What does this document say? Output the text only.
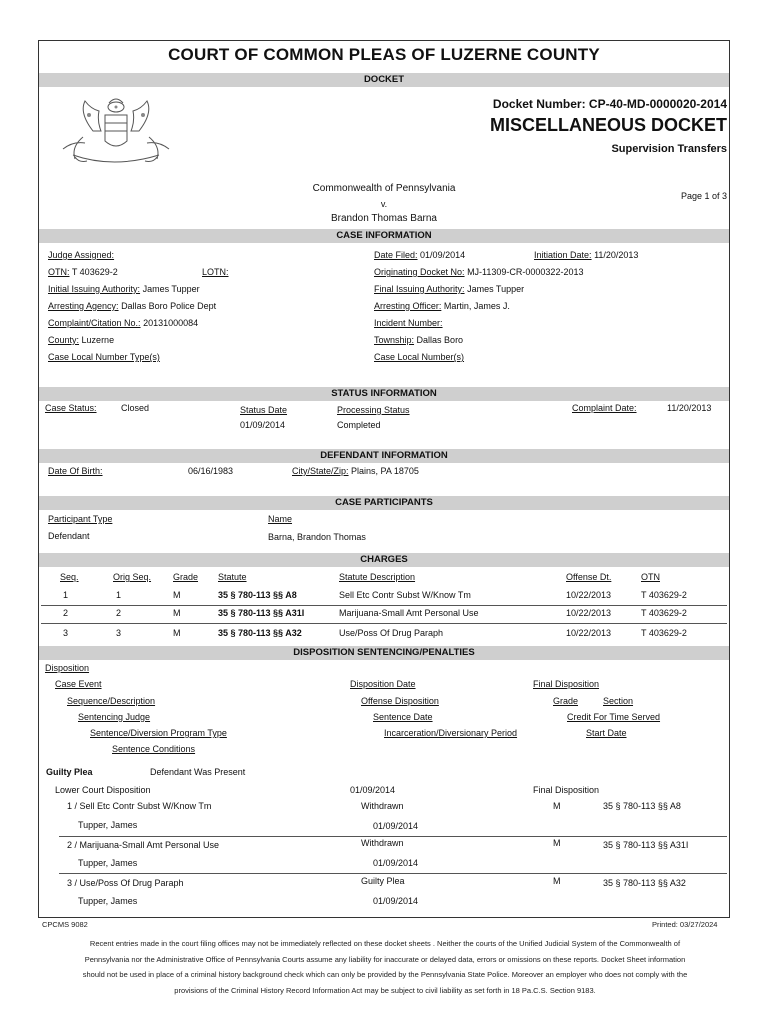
COURT OF COMMON PLEAS OF LUZERNE COUNTY
DOCKET
Docket Number: CP-40-MD-0000020-2014
MISCELLANEOUS DOCKET
Supervision Transfers
Commonwealth of Pennsylvania
v.
Brandon Thomas Barna
Page 1 of 3
CASE INFORMATION
Judge Assigned:
OTN: T 403629-2	LOTN:
Initial Issuing Authority: James Tupper
Arresting Agency: Dallas Boro Police Dept
Complaint/Citation No.: 20131000084
County: Luzerne
Case Local Number Type(s)
Date Filed: 01/09/2014	Initiation Date: 11/20/2013
Originating Docket No: MJ-11309-CR-0000322-2013
Final Issuing Authority: James Tupper
Arresting Officer: Martin, James J.
Incident Number:
Township: Dallas Boro
Case Local Number(s)
STATUS INFORMATION
Case Status:	Closed	Status Date
01/09/2014
Processing Status
Completed
Complaint Date:	11/20/2013
DEFENDANT INFORMATION
Date Of Birth:	06/16/1983	City/State/Zip: Plains, PA 18705
CASE PARTICIPANTS
Participant Type	Name
Defendant	Barna, Brandon Thomas
CHARGES
Seq.	Orig Seq. Grade Statute	Statute Description	Offense Dt.	OTN
1	1	M	35 § 780-113 §§ A8	Sell Etc Contr Subst W/Know Tm	10/22/2013	T 403629-2
2	2	M	35 § 780-113 §§ A31I	Marijuana-Small Amt Personal Use	10/22/2013	T 403629-2
3	3	M	35 § 780-113 §§ A32	Use/Poss Of Drug Paraph	10/22/2013	T 403629-2
DISPOSITION SENTENCING/PENALTIES
Disposition
Case Event
Sequence/Description
Sentencing Judge
Sentence/Diversion Program Type
Sentence Conditions
Disposition Date
Offense Disposition
Sentence Date
Incarceration/Diversionary Period
Final Disposition
Grade	Section
Credit For Time Served
Start Date
Guilty Plea	Defendant Was Present
Lower Court Disposition	01/09/2014	Final Disposition
1 / Sell Etc Contr Subst W/Know Tm	Withdrawn	M	35 § 780-113 §§ A8
Tupper, James	01/09/2014
2 / Marijuana-Small Amt Personal Use	Withdrawn	M	35 § 780-113 §§ A31I
Tupper, James	01/09/2014
3 / Use/Poss Of Drug Paraph	Guilty Plea	M	35 § 780-113 §§ A32
Tupper, James	01/09/2014
CPCMS 9082	Printed: 03/27/2024
Recent entries made in the court filing offices may not be immediately reflected on these docket sheets . Neither the courts of the Unified Judicial System of the Commonwealth of Pennsylvania nor the Administrative Office of Pennsylvania Courts assume any liability for inaccurate or delayed data, errors or omissions on these reports. Docket Sheet information should not be used in place of a criminal history background check which can only be provided by the Pennsylvania State Police. Moreover an employer who does not comply with the provisions of the Criminal History Record Information Act may be subject to civil liability as set forth in 18 Pa.C.S. Section 9183.
